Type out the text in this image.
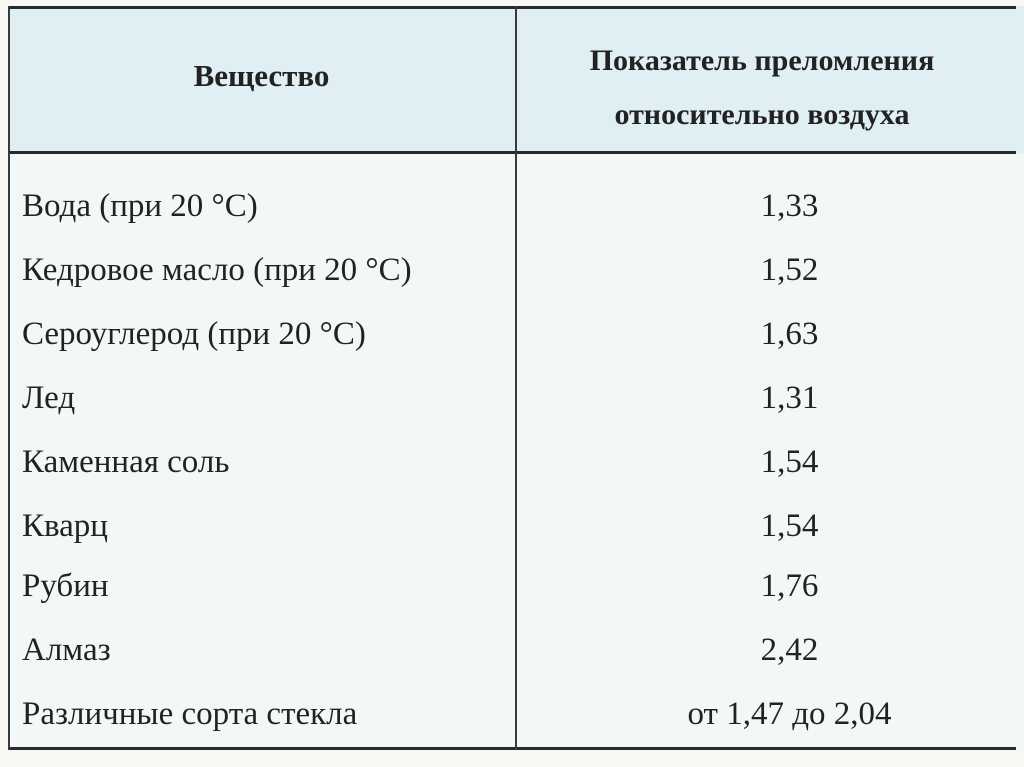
Вещество	Показатель преломления
относительно воздуха
Вода (при 20 °С)	1,33
Кедровое масло (при 20 °С)	1,52
Сероуглерод (при 20 °С)	1,63
Лед	1,31
Каменная соль	1,54
Кварц	1,54
Рубин	1,76
Алмаз	2,42
Различные сорта стекла	от 1,47 до 2,04
